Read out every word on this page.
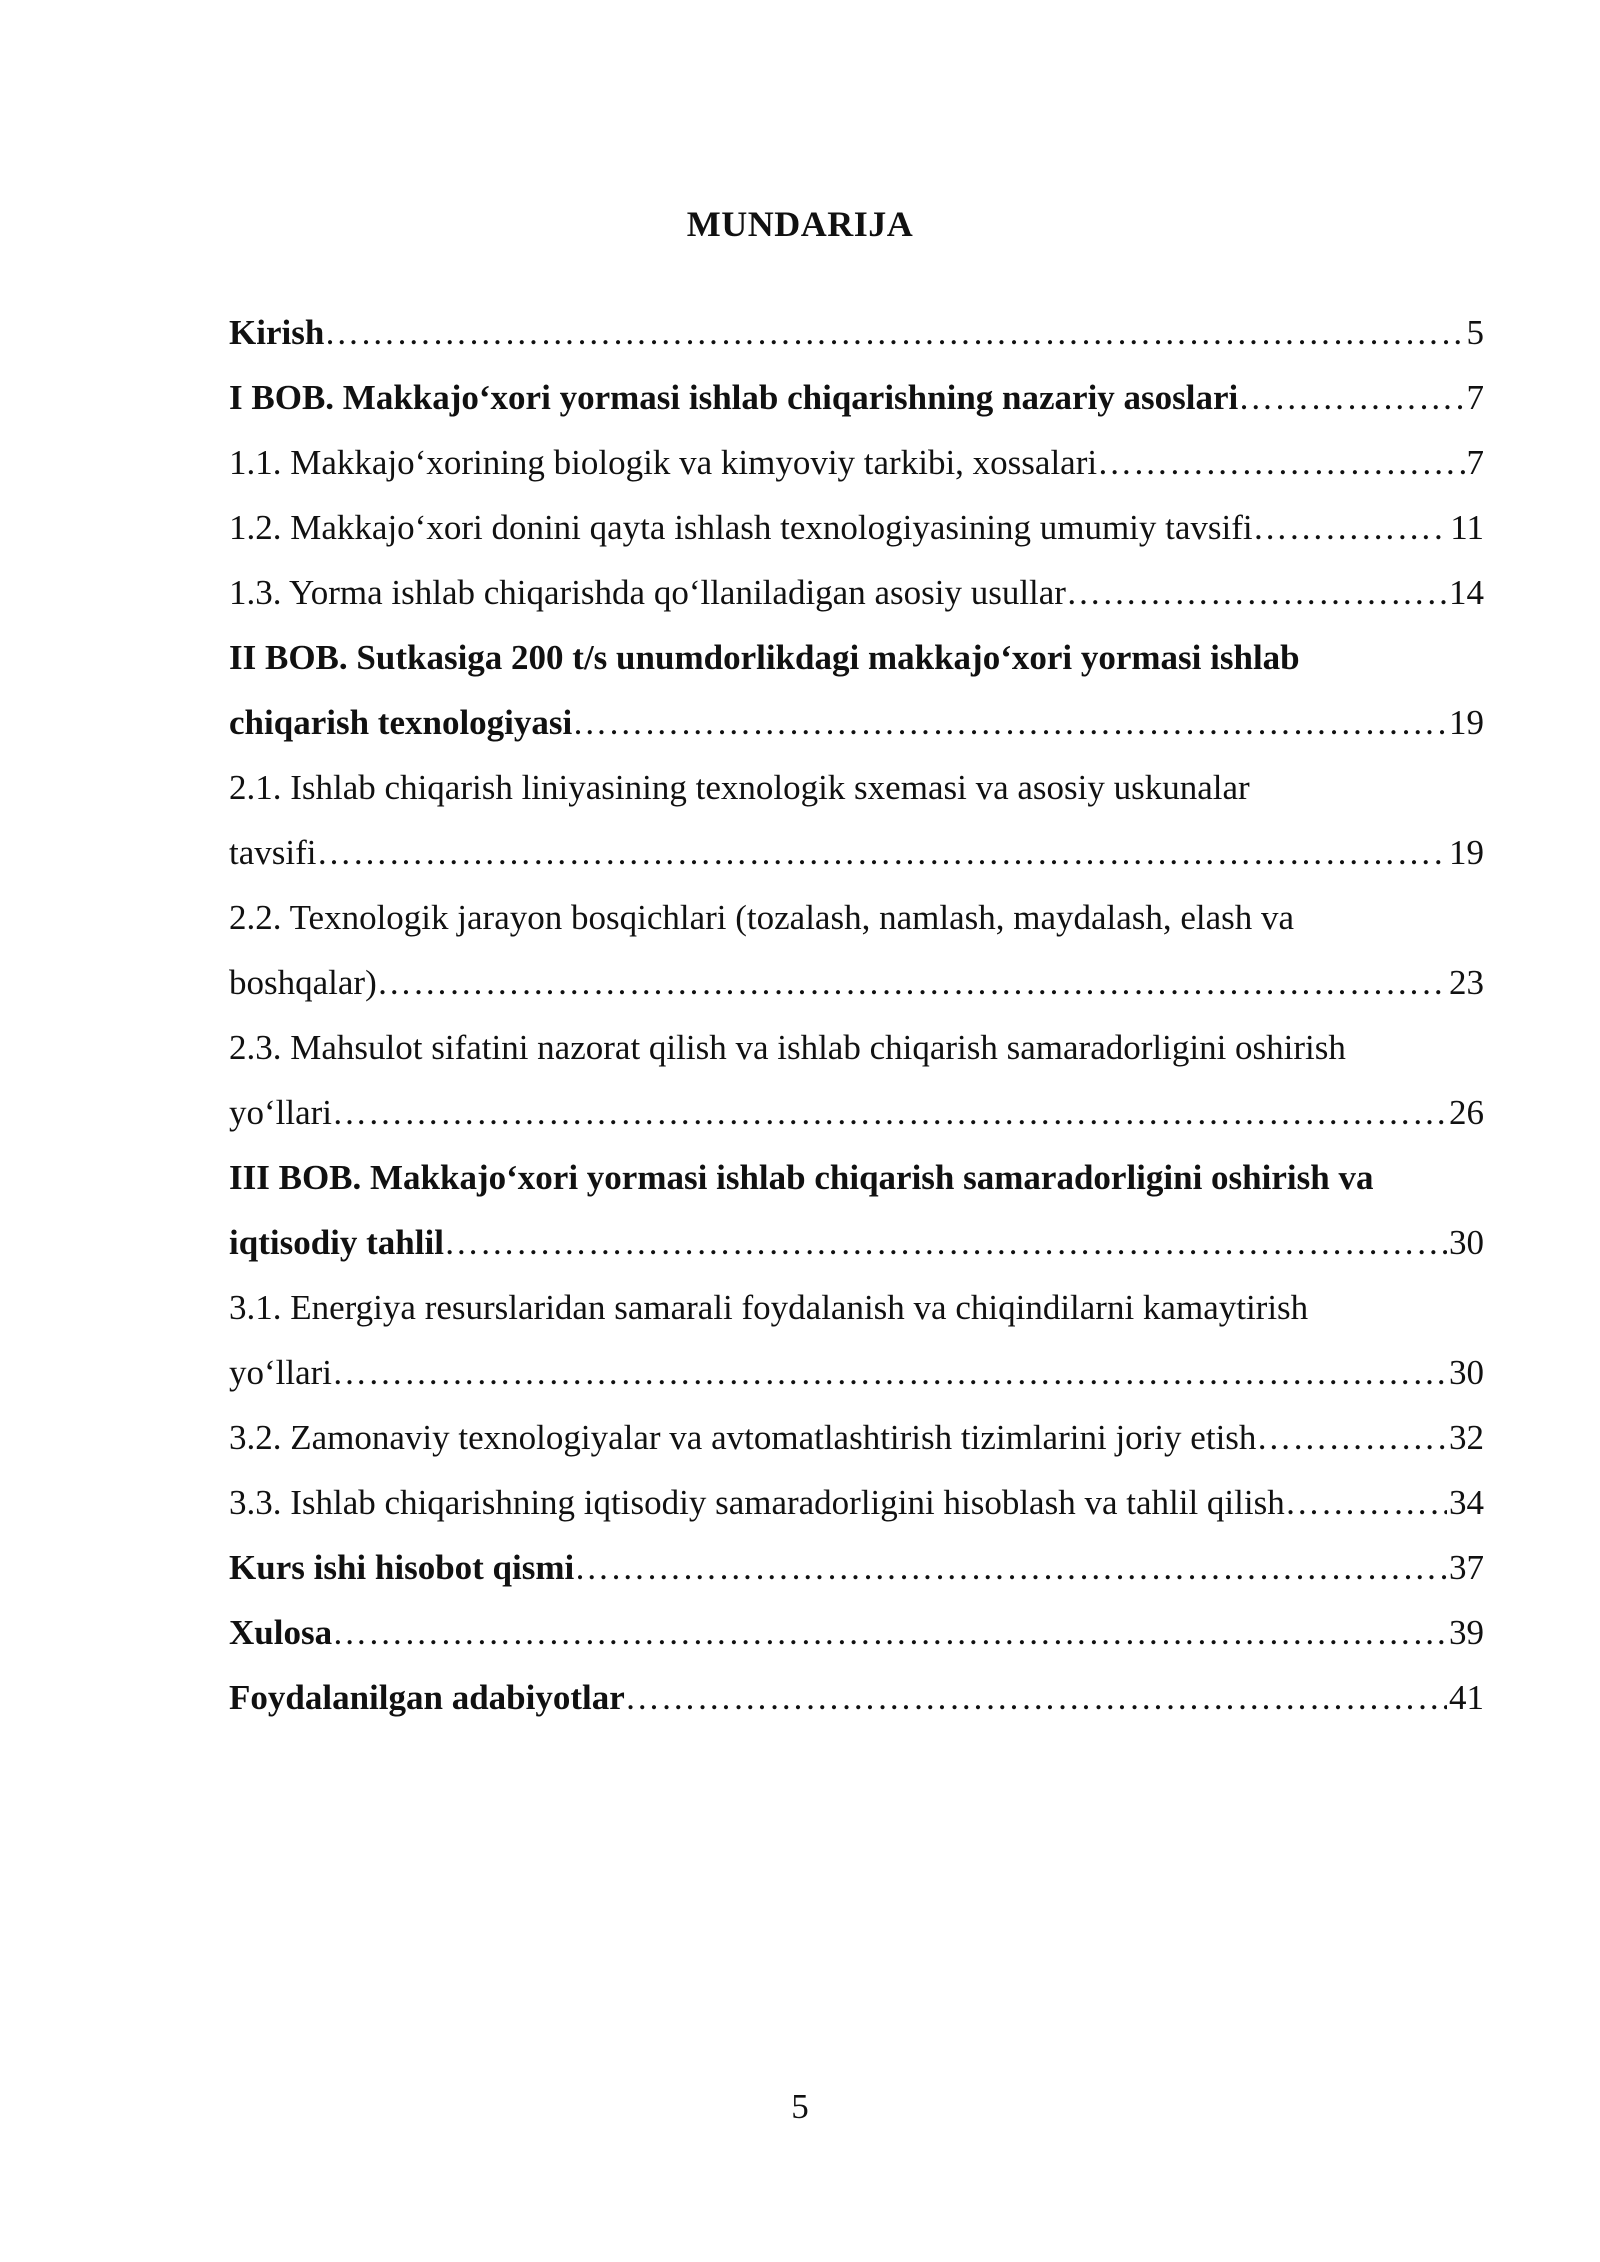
MUNDARIJA
Kirish ……………………………………………………………………………………………………………………………………………………………………………	5
I BOB. Makkajo‘xori yormasi ishlab chiqarishning nazariy asoslari ……………………………………………………………………………………………………………………………………………………………………………	7
1.1. Makkajo‘xorining biologik va kimyoviy tarkibi, xossalari ……………………………………………………………………………………………………………………………………………………………………………	7
1.2. Makkajo‘xori donini qayta ishlash texnologiyasining umumiy tavsifi ……………………………………………………………………………………………………………………………………………………………………………	11
1.3. Yorma ishlab chiqarishda qo‘llaniladigan asosiy usullar ……………………………………………………………………………………………………………………………………………………………………………	14
II BOB. Sutkasiga 200 t/s unumdorlikdagi makkajo‘xori yormasi ishlab
chiqarish texnologiyasi ……………………………………………………………………………………………………………………………………………………………………………	19
2.1. Ishlab chiqarish liniyasining texnologik sxemasi va asosiy uskunalar
tavsifi ……………………………………………………………………………………………………………………………………………………………………………	19
2.2. Texnologik jarayon bosqichlari (tozalash, namlash, maydalash, elash va
boshqalar) ……………………………………………………………………………………………………………………………………………………………………………	23
2.3. Mahsulot sifatini nazorat qilish va ishlab chiqarish samaradorligini oshirish
yo‘llari ……………………………………………………………………………………………………………………………………………………………………………	26
III BOB. Makkajo‘xori yormasi ishlab chiqarish samaradorligini oshirish va
iqtisodiy tahlil ……………………………………………………………………………………………………………………………………………………………………………	30
3.1. Energiya resurslaridan samarali foydalanish va chiqindilarni kamaytirish
yo‘llari ……………………………………………………………………………………………………………………………………………………………………………	30
3.2. Zamonaviy texnologiyalar va avtomatlashtirish tizimlarini joriy etish ……………………………………………………………………………………………………………………………………………………………………………	32
3.3. Ishlab chiqarishning iqtisodiy samaradorligini hisoblash va tahlil qilish ……………………………………………………………………………………………………………………………………………………………………………	34
Kurs ishi hisobot qismi ……………………………………………………………………………………………………………………………………………………………………………	37
Xulosa ……………………………………………………………………………………………………………………………………………………………………………	39
Foydalanilgan adabiyotlar ……………………………………………………………………………………………………………………………………………………………………………	41
5
